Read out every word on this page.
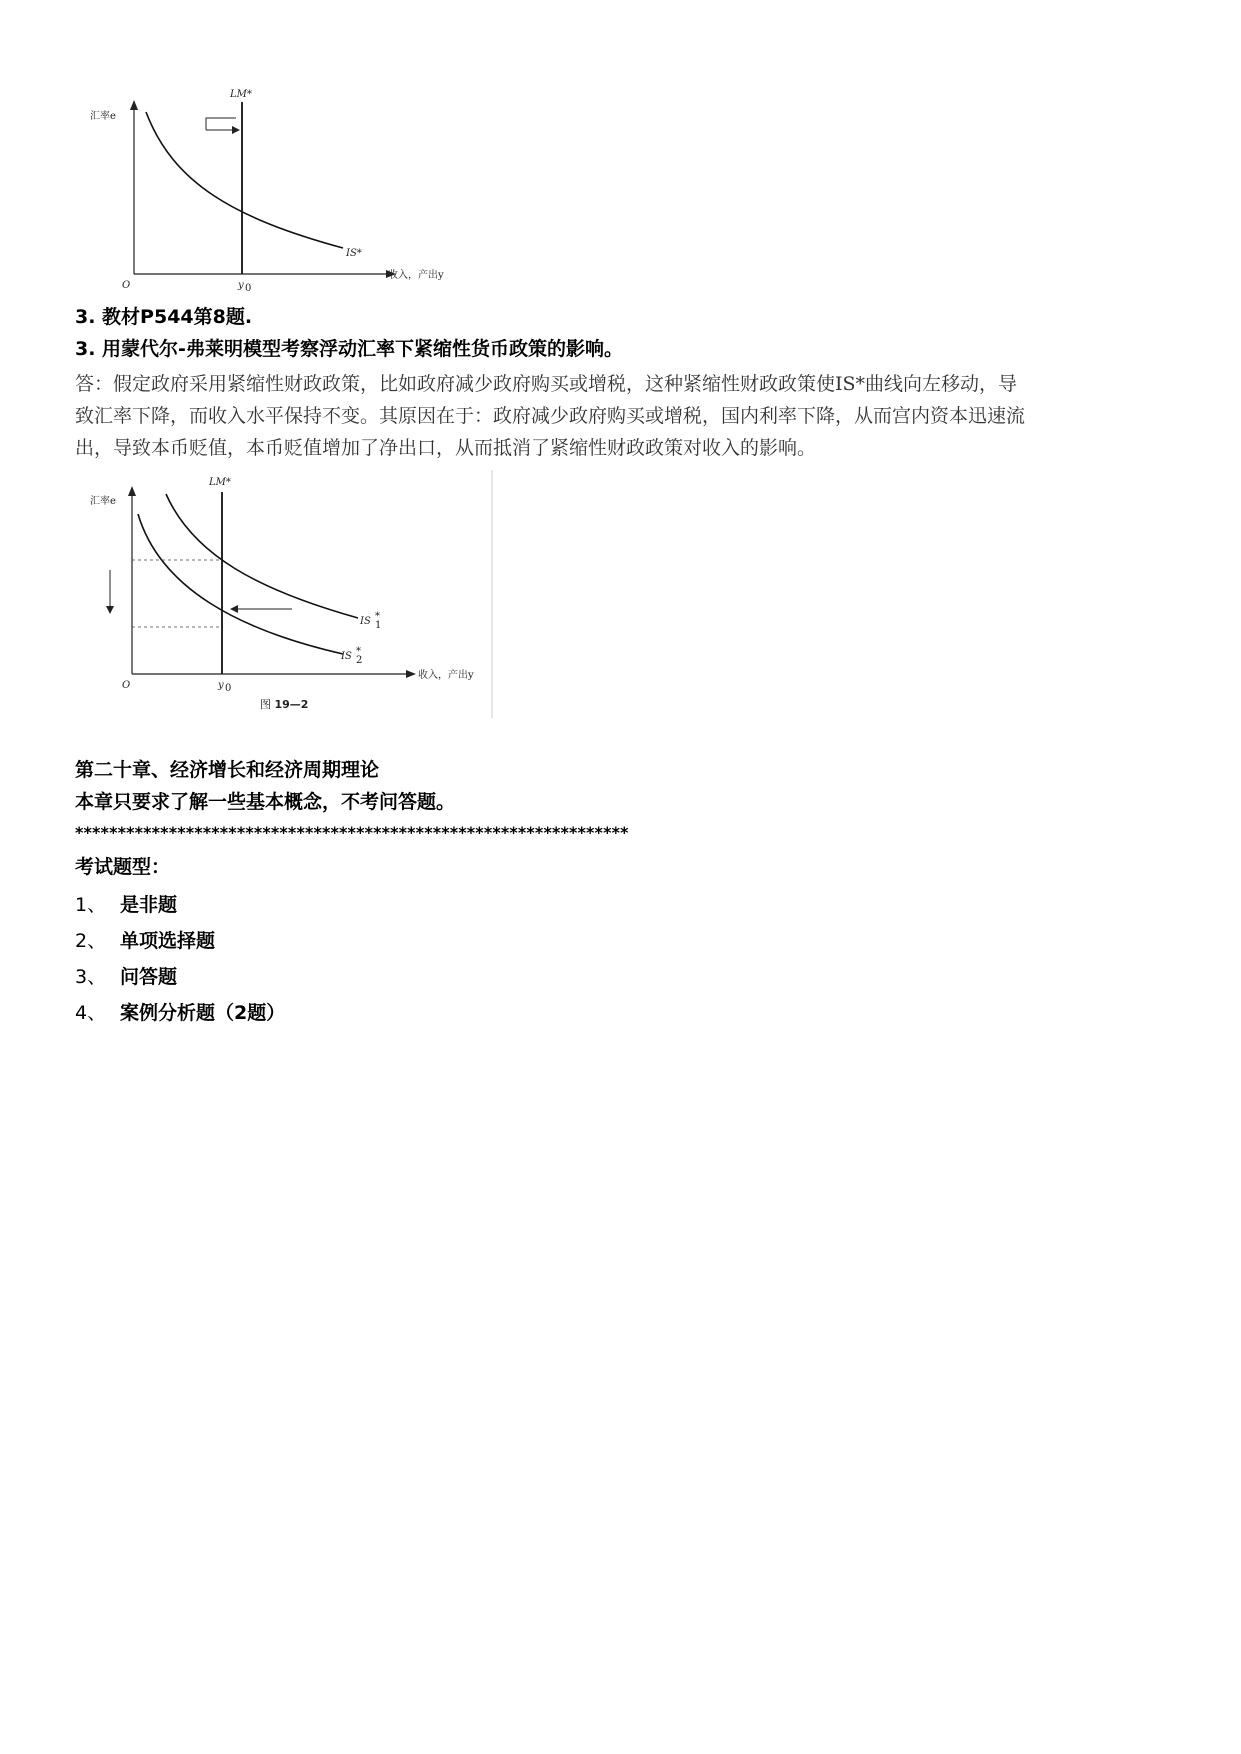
汇率e
O
LM*
IS*
y 0
收入，产出y
3. 教材P544第8题.
3. 用蒙代尔-弗莱明模型考察浮动汇率下紧缩性货币政策的影响。
答：假定政府采用紧缩性财政政策，比如政府减少政府购买或增税，这种紧缩性财政政策使IS*曲线向左移动，导
致汇率下降，而收入水平保持不变。其原因在于：政府减少政府购买或增税，国内利率下降，从而宫内资本迅速流
出，导致本币贬值，本币贬值增加了净出口，从而抵消了紧缩性财政政策对收入的影响。
汇率e
O
LM*
IS *
1
IS *
2
y 0
收入，产出y
图 19—2
第二十章、经济增长和经济周期理论
本章只要求了解一些基本概念，不考问答题。
*****************************************************************
考试题型：
1、 是非题
2、 单项选择题
3、 问答题
4、 案例分析题（2题）
